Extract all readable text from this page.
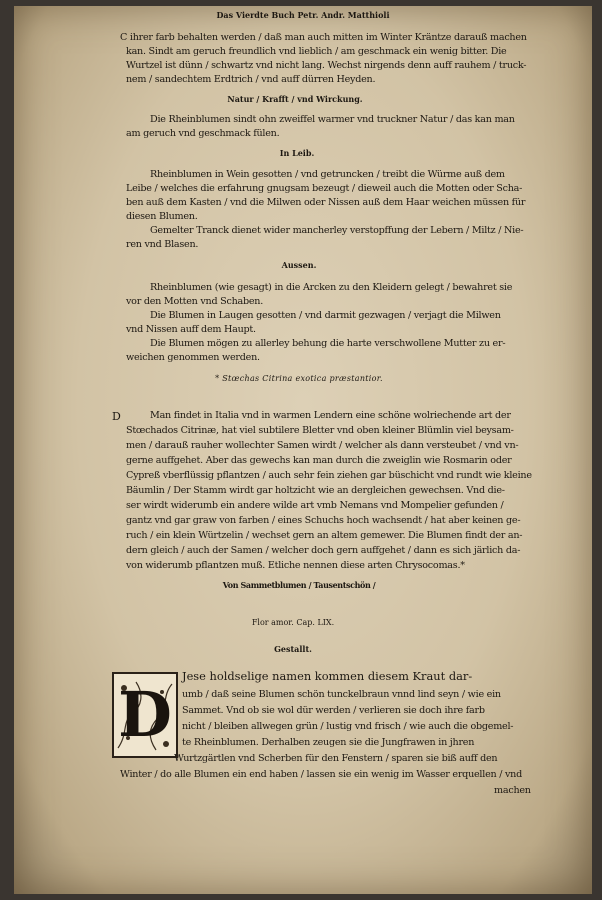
Das Vierdte Buch Petr. Andr. Matthioli
C ihrer farb behalten werden / daß man auch mitten im Winter Kräntze darauß machen
kan. Sindt am geruch freundlich vnd lieblich / am geschmack ein wenig bitter. Die
Wurtzel ist dünn / schwartz vnd nicht lang. Wechst nirgends denn auff rauhem / truck-
nem / sandechtem Erdtrich / vnd auff dürren Heyden.
Natur / Krafft / vnd Wirckung.
Die Rheinblumen sindt ohn zweiffel warmer vnd truckner Natur / das kan man
am geruch vnd geschmack fülen.
In Leib.
Rheinblumen in Wein gesotten / vnd getruncken / treibt die Würme auß dem
Leibe / welches die erfahrung gnugsam bezeugt / dieweil auch die Motten oder Scha-
ben auß dem Kasten / vnd die Milwen oder Nissen auß dem Haar weichen müssen für
diesen Blumen.
Gemelter Tranck dienet wider mancherley verstopffung der Lebern / Miltz / Nie-
ren vnd Blasen.
Aussen.
Rheinblumen (wie gesagt) in die Arcken zu den Kleidern gelegt / bewahret sie
vor den Motten vnd Schaben.
Die Blumen in Laugen gesotten / vnd darmit gezwagen / verjagt die Milwen
vnd Nissen auff dem Haupt.
Die Blumen mögen zu allerley behung die harte verschwollene Mutter zu er-
weichen genommen werden.
* Stœchas Citrina exotica præstantior.
D	Man findet in Italia vnd in warmen Lendern eine schöne wolriechende art der
Stœchados Citrinæ, hat viel subtilere Bletter vnd oben kleiner Blümlin viel beysam-
men / darauß rauher wollechter Samen wirdt / welcher als dann versteubet / vnd vn-
gerne auffgehet. Aber das gewechs kan man durch die zweiglin wie Rosmarin oder
Cypreß vberflüssig pflantzen / auch sehr fein ziehen gar büschicht vnd rundt wie kleine
Bäumlin / Der Stamm wirdt gar holtzicht wie an dergleichen gewechsen. Vnd die-
ser wirdt widerumb ein andere wilde art vmb Nemans vnd Mompelier gefunden /
gantz vnd gar graw von farben / eines Schuchs hoch wachsendt / hat aber keinen ge-
ruch / ein klein Würtzelin / wechset gern an altem gemewer. Die Blumen findt der an-
dern gleich / auch der Samen / welcher doch gern auffgehet / dann es sich järlich da-
von widerumb pflantzen muß. Etliche nennen diese arten Chrysocomas.*
Von Sammetblumen / Tausentschön /
Flor amor. Cap. LIX.
Gestallt.
D
Jese holdselige namen kommen diesem Kraut dar-
umb / daß seine Blumen schön tunckelbraun vnnd lind seyn / wie ein
Sammet. Vnd ob sie wol dür werden / verlieren sie doch ihre farb
nicht / bleiben allwegen grün / lustig vnd frisch / wie auch die obgemel-
te Rheinblumen. Derhalben zeugen sie die Jungfrawen in jhren
Wurtzgärtlen vnd Scherben für den Fenstern / sparen sie biß auff den
Winter / do alle Blumen ein end haben / lassen sie ein wenig im Wasser erquellen / vnd
machen
